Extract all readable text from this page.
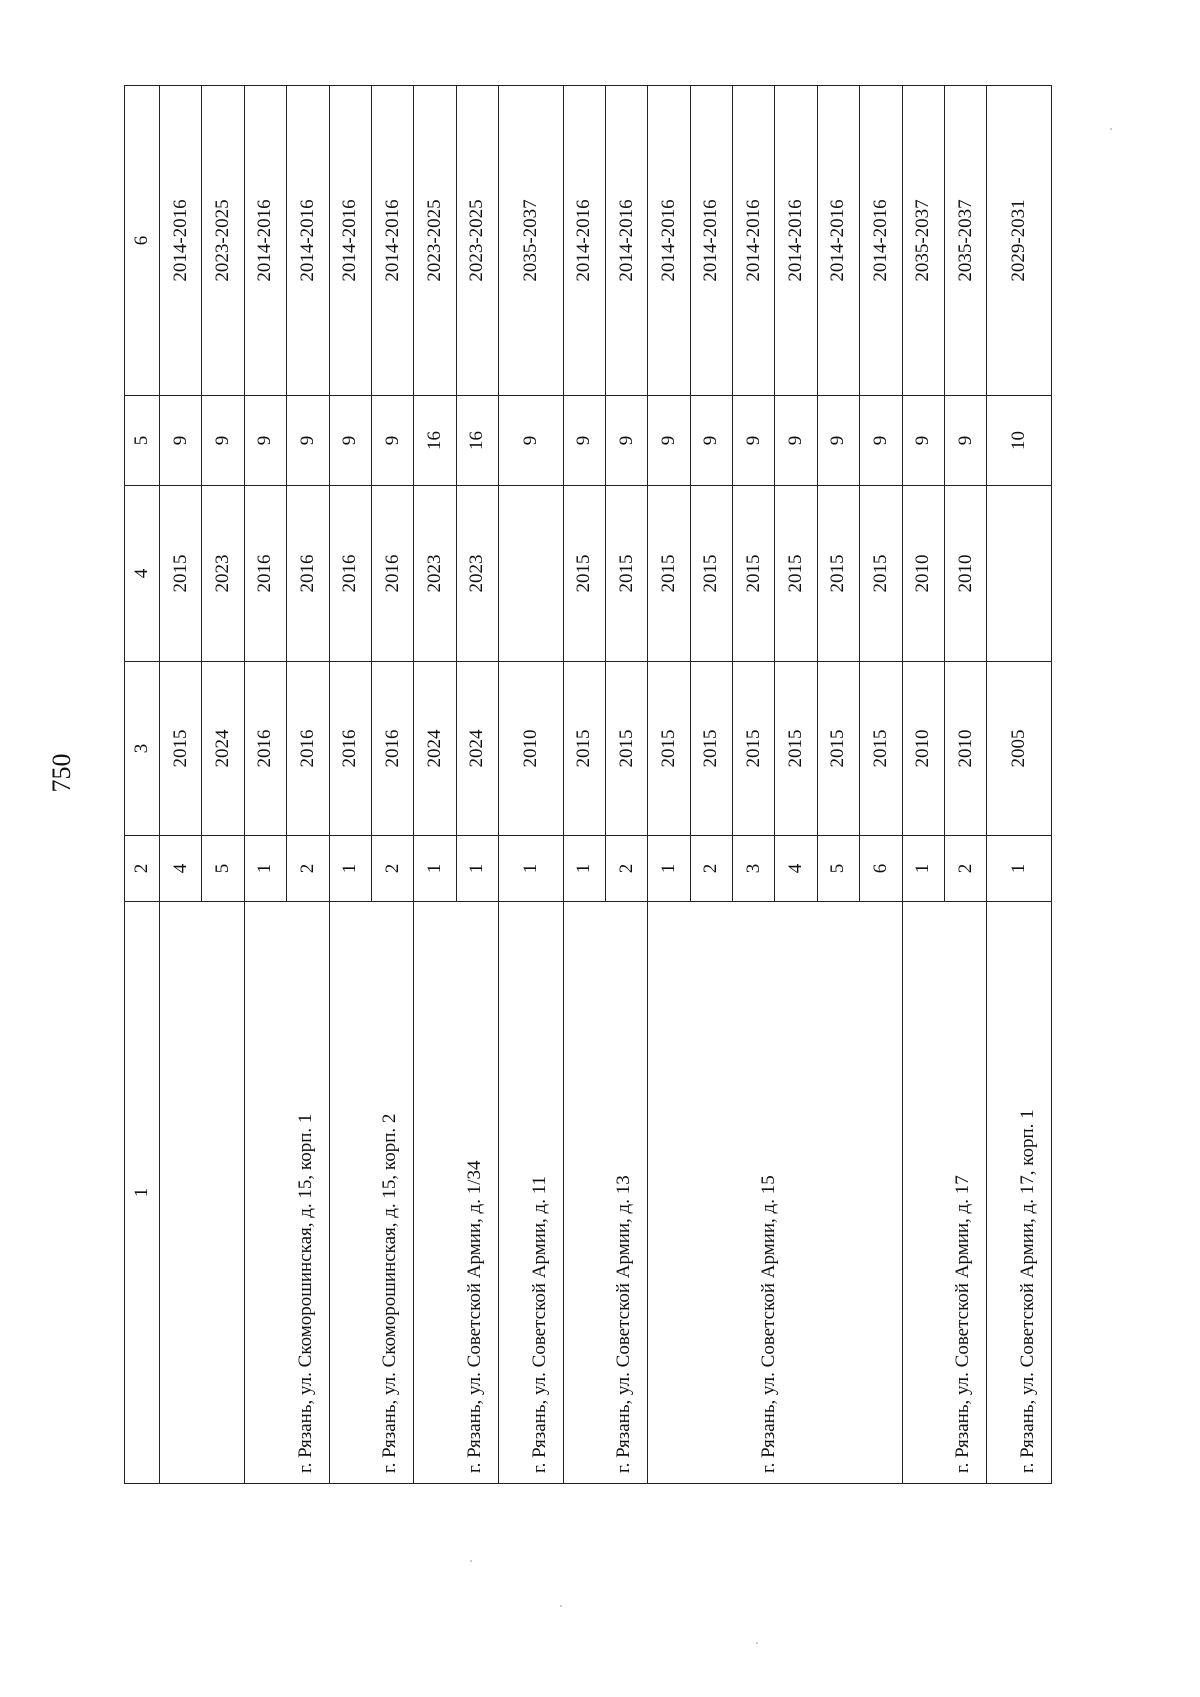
750
1	2	3	4	5	6
	4	2015	2015	9	2014-2016
	5	2024	2023	9	2023-2025
г. Рязань, ул. Скоморошинская, д. 15, корп. 1	1	2016	2016	9	2014-2016
	2	2016	2016	9	2014-2016
г. Рязань, ул. Скоморошинская, д. 15, корп. 2	1	2016	2016	9	2014-2016
	2	2016	2016	9	2014-2016
г. Рязань, ул. Советской Армии, д. 1/34	1	2024	2023	16	2023-2025
	1	2024	2023	16	2023-2025
г. Рязань, ул. Советской Армии, д. 11	1	2010		9	2035-2037
г. Рязань, ул. Советской Армии, д. 13	1	2015	2015	9	2014-2016
	2	2015	2015	9	2014-2016
г. Рязань, ул. Советской Армии, д. 15	1	2015	2015	9	2014-2016
	2	2015	2015	9	2014-2016
	3	2015	2015	9	2014-2016
	4	2015	2015	9	2014-2016
	5	2015	2015	9	2014-2016
	6	2015	2015	9	2014-2016
г. Рязань, ул. Советской Армии, д. 17	1	2010	2010	9	2035-2037
	2	2010	2010	9	2035-2037
г. Рязань, ул. Советской Армии, д. 17, корп. 1	1	2005		10	2029-2031
